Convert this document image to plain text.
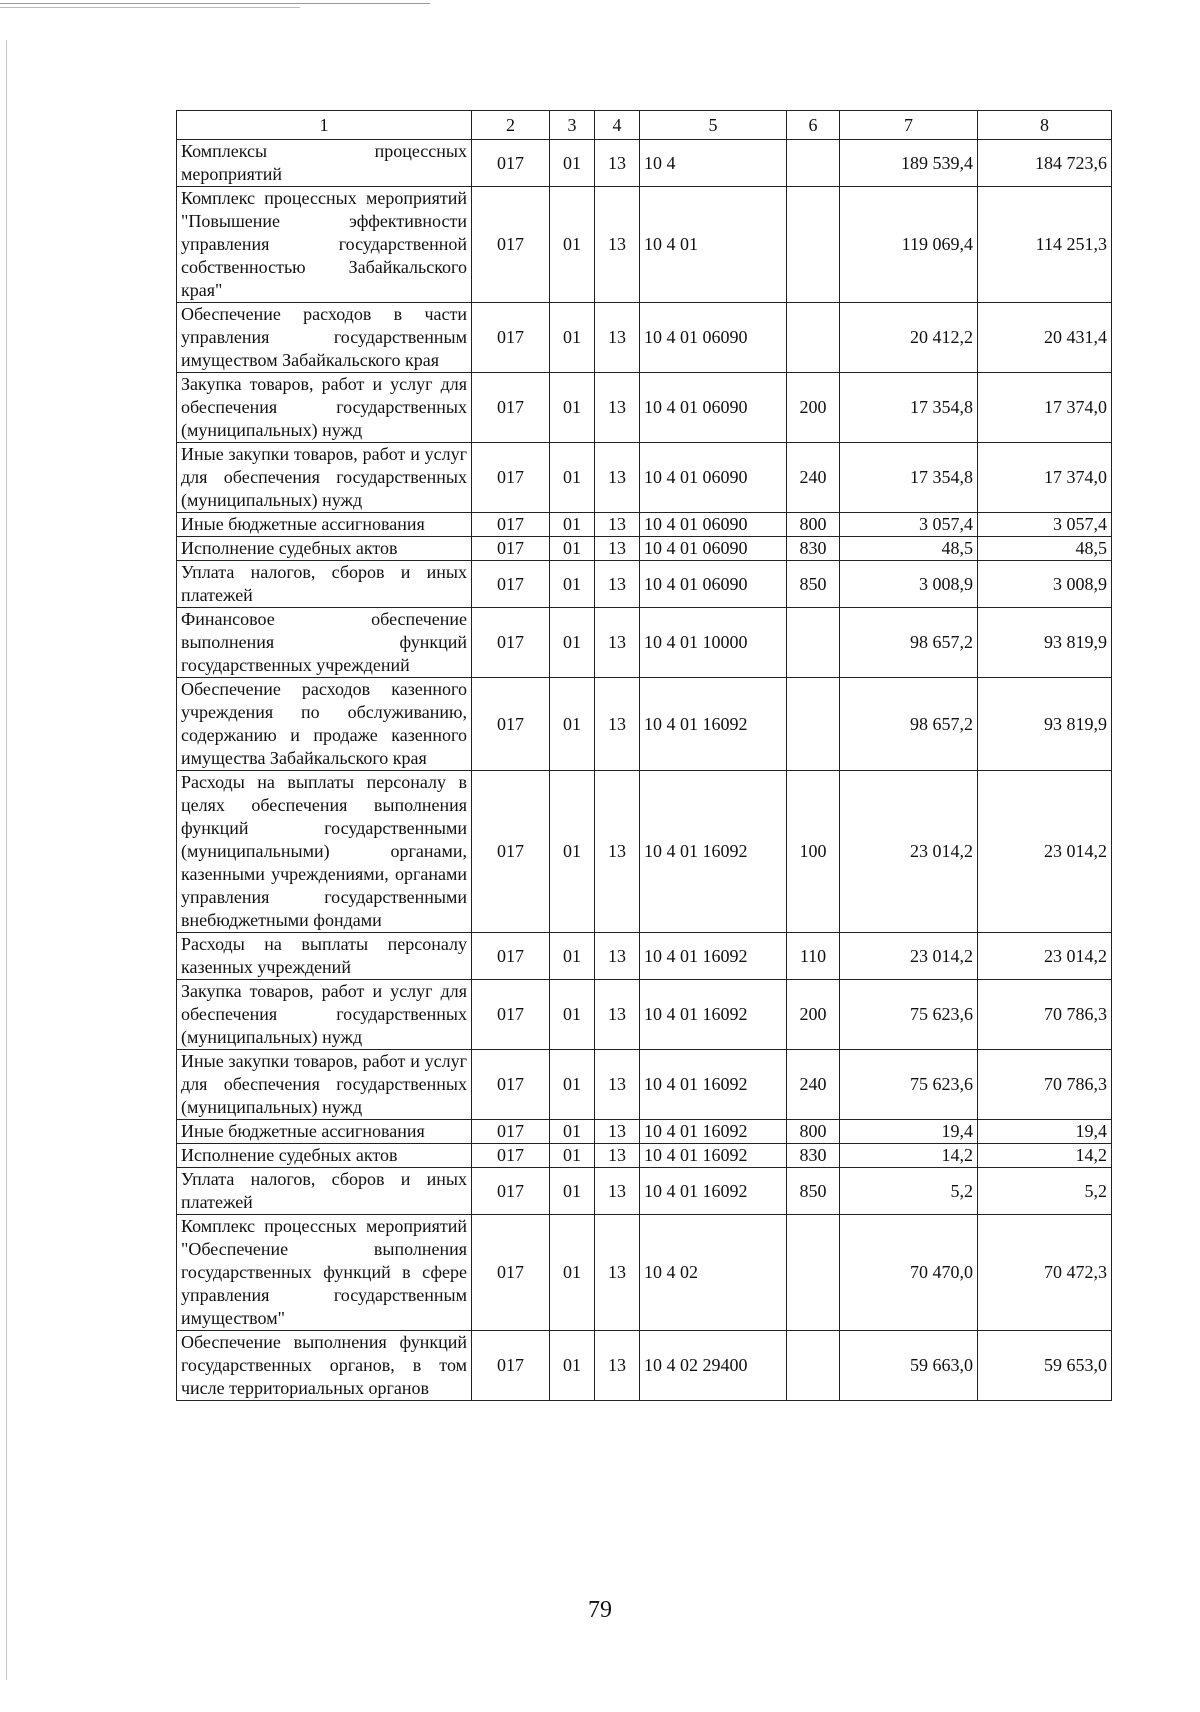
1	2	3	4	5	6	7	8
Комплексы процессных мероприятий	017	01	13	10 4		189 539,4	184 723,6
Комплекс процессных мероприятий "Повышение эффективности управления государственной собственностью Забайкальского края"	017	01	13	10 4 01		119 069,4	114 251,3
Обеспечение расходов в части управления государственным имуществом Забайкальского края	017	01	13	10 4 01 06090		20 412,2	20 431,4
Закупка товаров, работ и услуг для обеспечения государственных (муниципальных) нужд	017	01	13	10 4 01 06090	200	17 354,8	17 374,0
Иные закупки товаров, работ и услуг для обеспечения государственных (муниципальных) нужд	017	01	13	10 4 01 06090	240	17 354,8	17 374,0
Иные бюджетные ассигнования	017	01	13	10 4 01 06090	800	3 057,4	3 057,4
Исполнение судебных актов	017	01	13	10 4 01 06090	830	48,5	48,5
Уплата налогов, сборов и иных платежей	017	01	13	10 4 01 06090	850	3 008,9	3 008,9
Финансовое обеспечение выполнения функций государственных учреждений	017	01	13	10 4 01 10000		98 657,2	93 819,9
Обеспечение расходов казенного учреждения по обслуживанию, содержанию и продаже казенного имущества Забайкальского края	017	01	13	10 4 01 16092		98 657,2	93 819,9
Расходы на выплаты персоналу в целях обеспечения выполнения функций государственными (муниципальными) органами, казенными учреждениями, органами управления государственными внебюджетными фондами	017	01	13	10 4 01 16092	100	23 014,2	23 014,2
Расходы на выплаты персоналу казенных учреждений	017	01	13	10 4 01 16092	110	23 014,2	23 014,2
Закупка товаров, работ и услуг для обеспечения государственных (муниципальных) нужд	017	01	13	10 4 01 16092	200	75 623,6	70 786,3
Иные закупки товаров, работ и услуг для обеспечения государственных (муниципальных) нужд	017	01	13	10 4 01 16092	240	75 623,6	70 786,3
Иные бюджетные ассигнования	017	01	13	10 4 01 16092	800	19,4	19,4
Исполнение судебных актов	017	01	13	10 4 01 16092	830	14,2	14,2
Уплата налогов, сборов и иных платежей	017	01	13	10 4 01 16092	850	5,2	5,2
Комплекс процессных мероприятий "Обеспечение выполнения государственных функций в сфере управления государственным имуществом"	017	01	13	10 4 02		70 470,0	70 472,3
Обеспечение выполнения функций государственных органов, в том числе территориальных органов	017	01	13	10 4 02 29400		59 663,0	59 653,0
79
